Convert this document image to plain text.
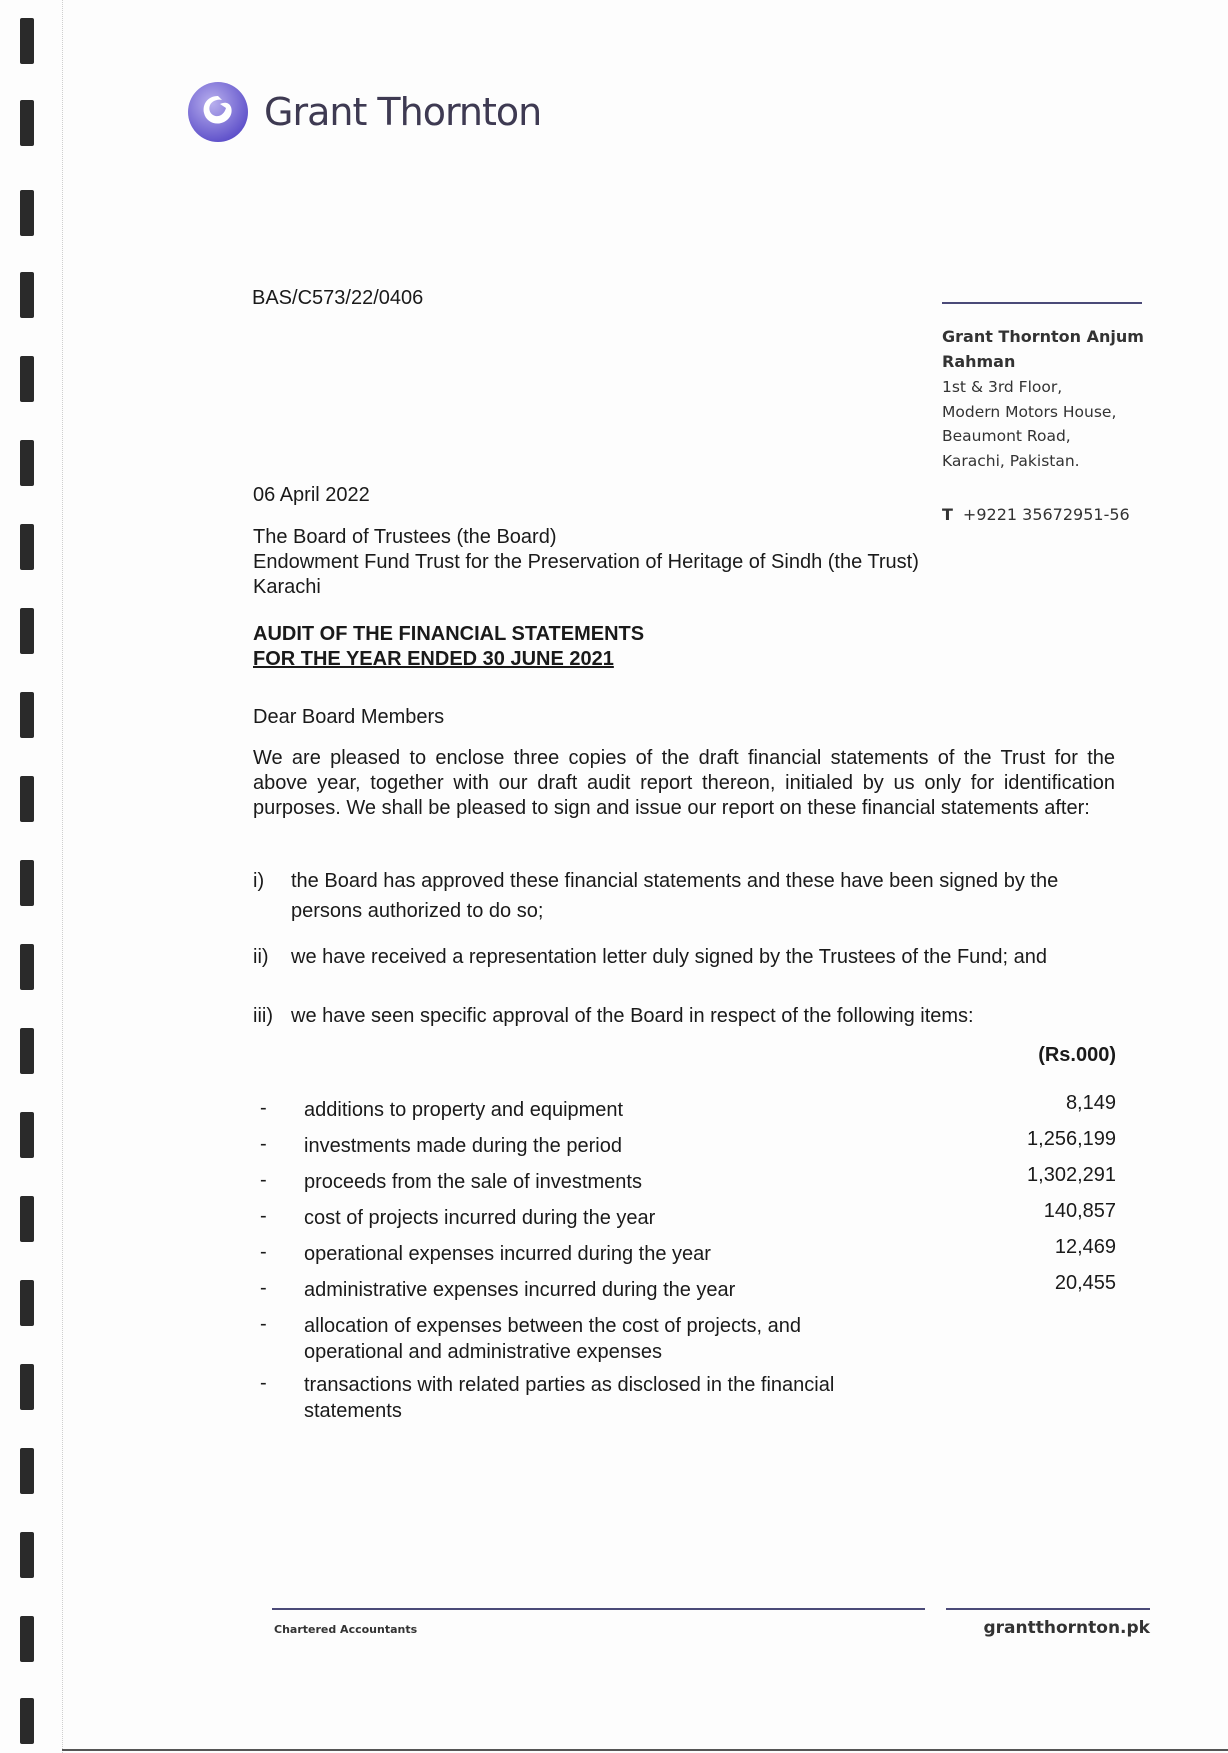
Grant Thornton
BAS/C573/22/0406
Grant Thornton Anjum Rahman
1st & 3rd Floor,
Modern Motors House,
Beaumont Road,
Karachi, Pakistan.
T +9221 35672951-56
06 April 2022
The Board of Trustees (the Board)
Endowment Fund Trust for the Preservation of Heritage of Sindh (the Trust)
Karachi
AUDIT OF THE FINANCIAL STATEMENTS
FOR THE YEAR ENDED 30 JUNE 2021
Dear Board Members
We are pleased to enclose three copies of the draft financial statements of the Trust for the above year, together with our draft audit report thereon, initialed by us only for identification purposes. We shall be pleased to sign and issue our report on these financial statements after:
i) the Board has approved these financial statements and these have been signed by the persons authorized to do so;
ii) we have received a representation letter duly signed by the Trustees of the Fund; and
iii) we have seen specific approval of the Board in respect of the following items:
(Rs.000)
- additions to property and equipment	8,149
- investments made during the period	1,256,199
- proceeds from the sale of investments	1,302,291
- cost of projects incurred during the year	140,857
- operational expenses incurred during the year	12,469
- administrative expenses incurred during the year	20,455
- allocation of expenses between the cost of projects, and operational and administrative expenses
- transactions with related parties as disclosed in the financial statements
Chartered Accountants	grantthornton.pk
